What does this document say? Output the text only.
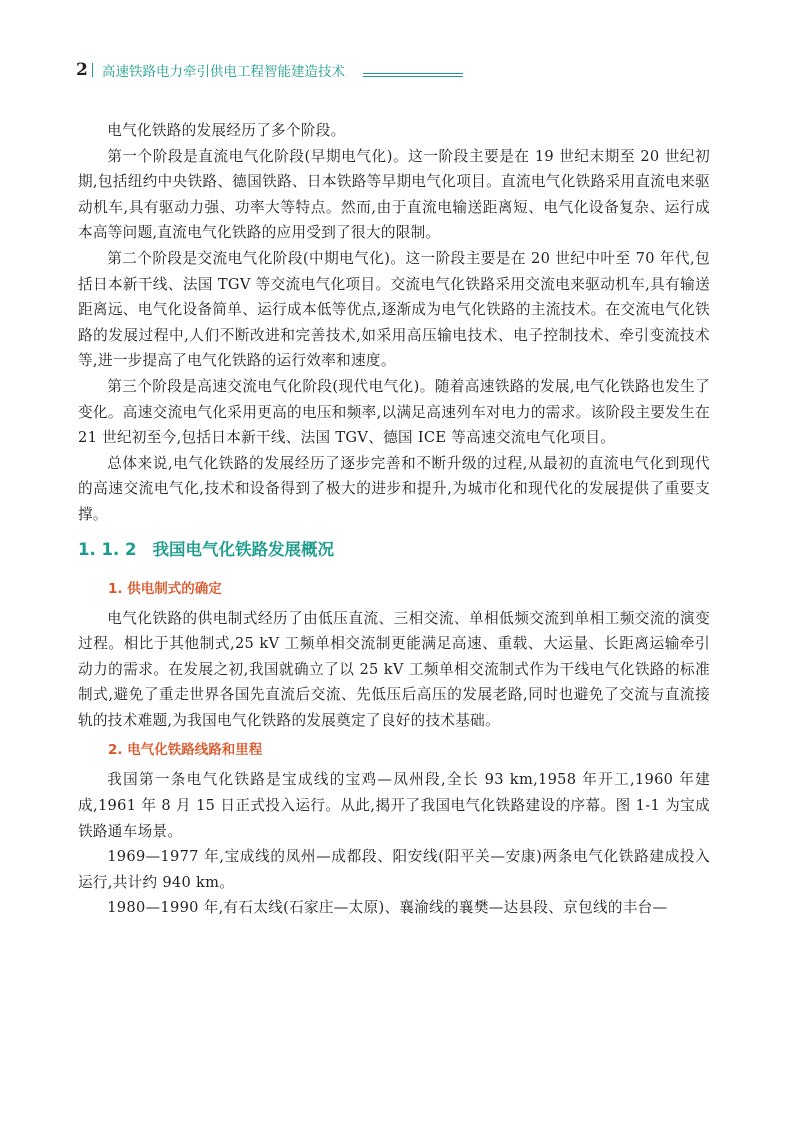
2 高速铁路电力牵引供电工程智能建造技术

电气化铁路的发展经历了多个阶段。

第一个阶段是直流电气化阶段(早期电气化)。这一阶段主要是在 19 世纪末期至 20 世纪初期,包括纽约中央铁路、德国铁路、日本铁路等早期电气化项目。直流电气化铁路采用直流电来驱动机车,具有驱动力强、功率大等特点。然而,由于直流电输送距离短、电气化设备复杂、运行成本高等问题,直流电气化铁路的应用受到了很大的限制。

第二个阶段是交流电气化阶段(中期电气化)。这一阶段主要是在 20 世纪中叶至 70 年代,包括日本新干线、法国 TGV 等交流电气化项目。交流电气化铁路采用交流电来驱动机车,具有输送距离远、电气化设备简单、运行成本低等优点,逐渐成为电气化铁路的主流技术。在交流电气化铁路的发展过程中,人们不断改进和完善技术,如采用高压输电技术、电子控制技术、牵引变流技术等,进一步提高了电气化铁路的运行效率和速度。

第三个阶段是高速交流电气化阶段(现代电气化)。随着高速铁路的发展,电气化铁路也发生了变化。高速交流电气化采用更高的电压和频率,以满足高速列车对电力的需求。该阶段主要发生在 21 世纪初至今,包括日本新干线、法国 TGV、德国 ICE 等高速交流电气化项目。

总体来说,电气化铁路的发展经历了逐步完善和不断升级的过程,从最初的直流电气化到现代的高速交流电气化,技术和设备得到了极大的进步和提升,为城市化和现代化的发展提供了重要支撑。

1. 1. 2 我国电气化铁路发展概况
1. 供电制式的确定

电气化铁路的供电制式经历了由低压直流、三相交流、单相低频交流到单相工频交流的演变过程。相比于其他制式,25 kV 工频单相交流制更能满足高速、重载、大运量、长距离运输牵引动力的需求。在发展之初,我国就确立了以 25 kV 工频单相交流制式作为干线电气化铁路的标准制式,避免了重走世界各国先直流后交流、先低压后高压的发展老路,同时也避免了交流与直流接轨的技术难题,为我国电气化铁路的发展奠定了良好的技术基础。

2. 电气化铁路线路和里程

我国第一条电气化铁路是宝成线的宝鸡—凤州段,全长 93 km,1958 年开工,1960 年建成,1961 年 8 月 15 日正式投入运行。从此,揭开了我国电气化铁路建设的序幕。图 1-1 为宝成铁路通车场景。

1969—1977 年,宝成线的凤州—成都段、阳安线(阳平关—安康)两条电气化铁路建成投入运行,共计约 940 km。

1980—1990 年,有石太线(石家庄—太原)、襄渝线的襄樊—达县段、京包线的丰台—
